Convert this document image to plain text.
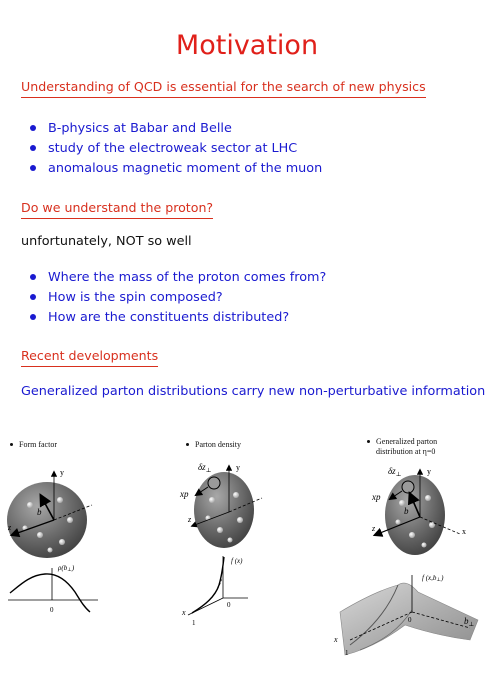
Motivation
Understanding of QCD is essential for the search of new physics
B-physics at Babar and Belle
study of the electroweak sector at LHC
anomalous magnetic moment of the muon
Do we understand the proton?
unfortunately, NOT so well
Where the mass of the proton comes from?
How is the spin composed?
How are the constituents distributed?
Recent developments
Generalized parton distributions carry new non-perturbative information
Form factor	Parton density	Generalized parton
distribution at η=0
y
z
b
ρ(b⊥)
0
y
z
$\delta z_\perp$
xp
f (x)
x
1
0
y
z	x
$\delta z_\perp$
xp
b
f (x,b⊥)
$b_\perp$
x
1
0
